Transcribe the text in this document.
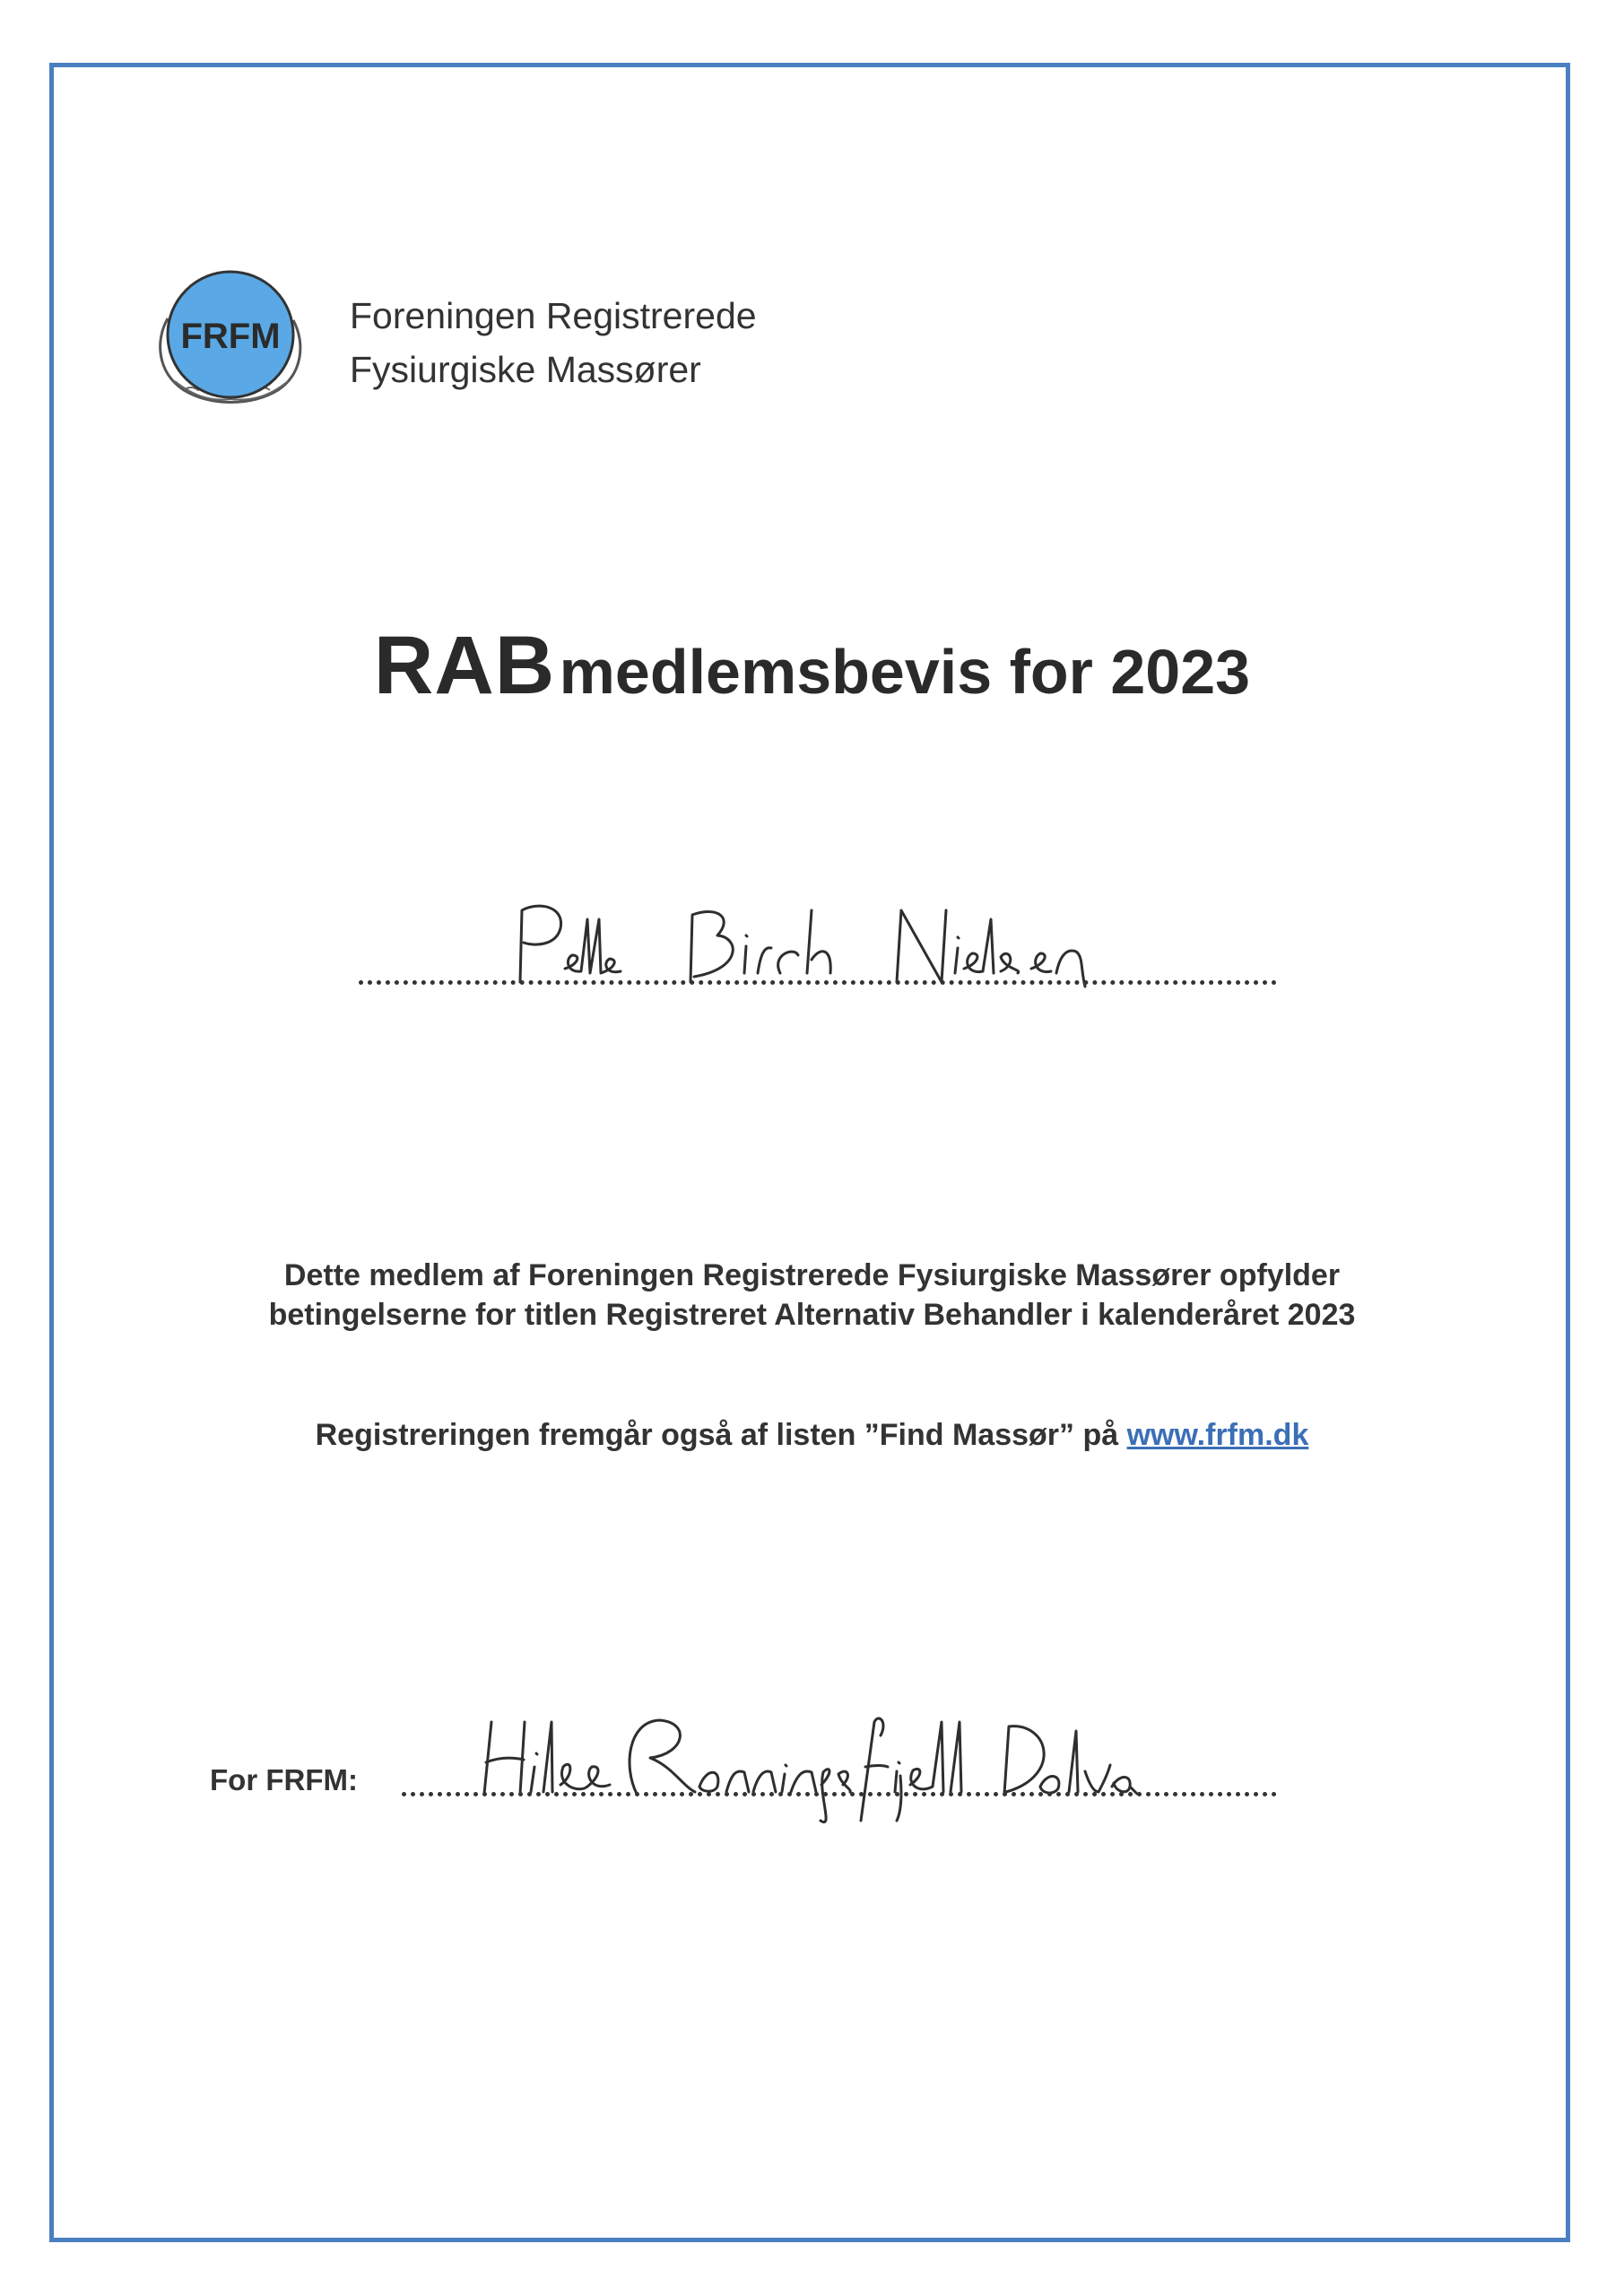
FRFM Foreningen Registrerede
Fysiurgiske Massører
RAB medlemsbevis for 2023
Dette medlem af Foreningen Registrerede Fysiurgiske Massører opfylder
betingelserne for titlen Registreret Alternativ Behandler i kalenderåret 2023
Registreringen fremgår også af listen ”Find Massør” på www.frfm.dk
For FRFM:
